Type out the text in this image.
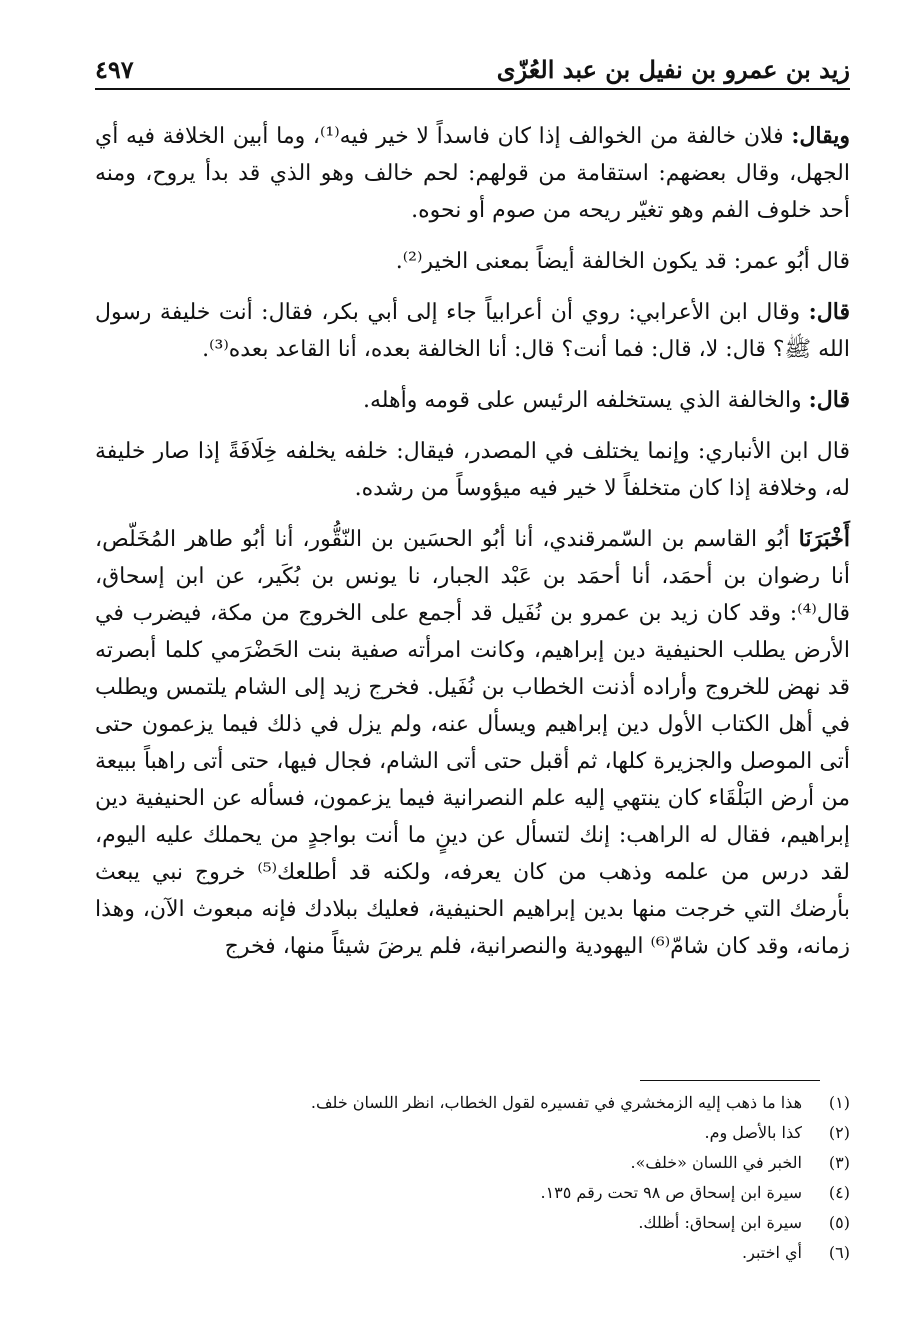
زيد بن عمرو بن نفيل بن عبد العُزّى
٤٩٧

ويقال: فلان خالفة من الخوالف إذا كان فاسداً لا خير فيه⁽¹⁾، وما أبين الخلافة فيه أي الجهل، وقال بعضهم: استقامة من قولهم: لحم خالف وهو الذي قد بدأ يروح، ومنه أحد خلوف الفم وهو تغيّر ريحه من صوم أو نحوه.

قال أبُو عمر: قد يكون الخالفة أيضاً بمعنى الخير⁽²⁾.

قال: وقال ابن الأعرابي: روي أن أعرابياً جاء إلى أبي بكر، فقال: أنت خليفة رسول الله ﷺ؟ قال: لا، قال: فما أنت؟ قال: أنا الخالفة بعده، أنا القاعد بعده⁽³⁾.

قال: والخالفة الذي يستخلفه الرئيس على قومه وأهله.

قال ابن الأنباري: وإنما يختلف في المصدر، فيقال: خلفه يخلفه خِلَافَةً إذا صار خليفة له، وخلافة إذا كان متخلفاً لا خير فيه ميؤوساً من رشده.

أَخْبَرَنَا أبُو القاسم بن السّمرقندي، أنا أبُو الحسَين بن النّقُّور، أنا أبُو طاهر المُخَلّص، أنا رضوان بن أحمَد، أنا أحمَد بن عَبْد الجبار، نا يونس بن بُكَير، عن ابن إسحاق، قال⁽⁴⁾: وقد كان زيد بن عمرو بن نُفَيل قد أجمع على الخروج من مكة، فيضرب في الأرض يطلب الحنيفية دين إبراهيم، وكانت امرأته صفية بنت الحَضْرَمي كلما أبصرته قد نهض للخروج وأراده أذنت الخطاب بن نُفَيل. فخرج زيد إلى الشام يلتمس ويطلب في أهل الكتاب الأول دين إبراهيم ويسأل عنه، ولم يزل في ذلك فيما يزعمون حتى أتى الموصل والجزيرة كلها، ثم أقبل حتى أتى الشام، فجال فيها، حتى أتى راهباً ببيعة من أرض البَلْقَاء كان ينتهي إليه علم النصرانية فيما يزعمون، فسأله عن الحنيفية دين إبراهيم، فقال له الراهب: إنك لتسأل عن دينٍ ما أنت بواجدٍ من يحملك عليه اليوم، لقد درس من علمه وذهب من كان يعرفه، ولكنه قد أطلعك⁽⁵⁾ خروج نبي يبعث بأرضك التي خرجت منها بدين إبراهيم الحنيفية، فعليك ببلادك فإنه مبعوث الآن، وهذا زمانه، وقد كان شامّ⁽⁶⁾ اليهودية والنصرانية، فلم يرضَ شيئاً منها، فخرج

(١)
هذا ما ذهب إليه الزمخشري في تفسيره لقول الخطاب، انظر اللسان خلف.
(٢)
كذا بالأصل وم.
(٣)
الخبر في اللسان «خلف».
(٤)
سيرة ابن إسحاق ص ٩٨ تحت رقم ١٣٥.
(٥)
سيرة ابن إسحاق: أظلك.
(٦)
أي اختبر.
